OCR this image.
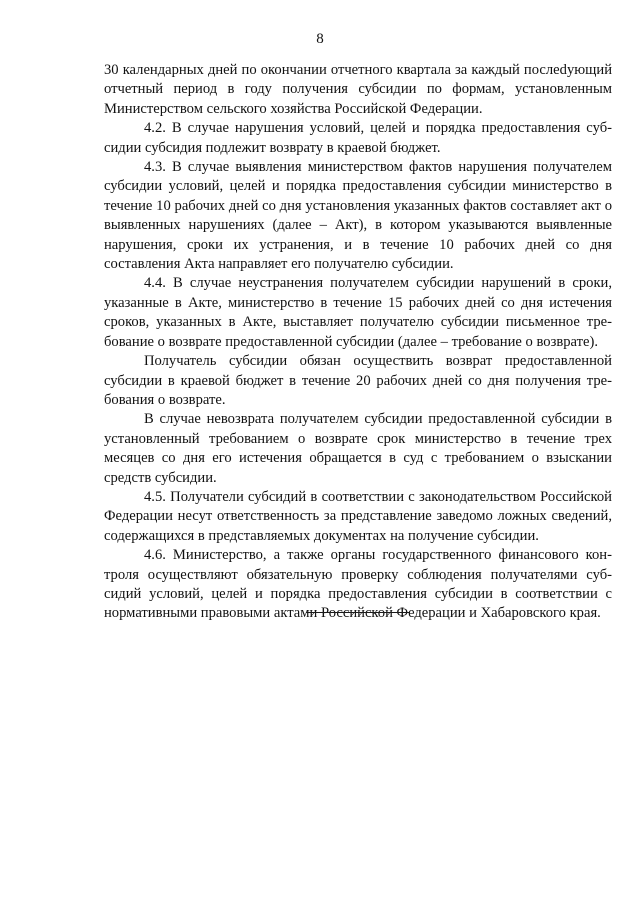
8

30 календарных дней по окончании отчетного квартала за каждый послеdующий отчетный период в году получения субсидии по формам, установленным Министерством сельского хозяйства Российской Федерации.

4.2. В случае нарушения условий, целей и порядка предоставления субсидии субсидия подлежит возврату в краевой бюджет.

4.3. В случае выявления министерством фактов нарушения получателем субсидии условий, целей и порядка предоставления субсидии министерство в течение 10 рабочих дней со дня установления указанных фактов составляет акт о выявленных нарушениях (далее – Акт), в котором указываются выявленные нарушения, сроки их устранения, и в течение 10 рабочих дней со дня составления Акта направляет его получателю субсидии.

4.4. В случае неустранения получателем субсидии нарушений в сроки, указанные в Акте, министерство в течение 15 рабочих дней со дня истечения сроков, указанных в Акте, выставляет получателю субсидии письменное требование о возврате предоставленной субсидии (далее – требование о возврате).

Получатель субсидии обязан осуществить возврат предоставленной субсидии в краевой бюджет в течение 20 рабочих дней со дня получения требования о возврате.

В случае невозврата получателем субсидии предоставленной субсидии в установленный требованием о возврате срок министерство в течение трех месяцев со дня его истечения обращается в суд с требованием о взыскании средств субсидии.

4.5. Получатели субсидий в соответствии с законодательством Российской Федерации несут ответственность за представление заведомо ложных сведений, содержащихся в представляемых документах на получение субсидии.

4.6. Министерство, а также органы государственного финансового контроля осуществляют обязательную проверку соблюдения получателями субсидий условий, целей и порядка предоставления субсидии в соответствии с нормативными правовыми актами Российской Федерации и Хабаровского края.
